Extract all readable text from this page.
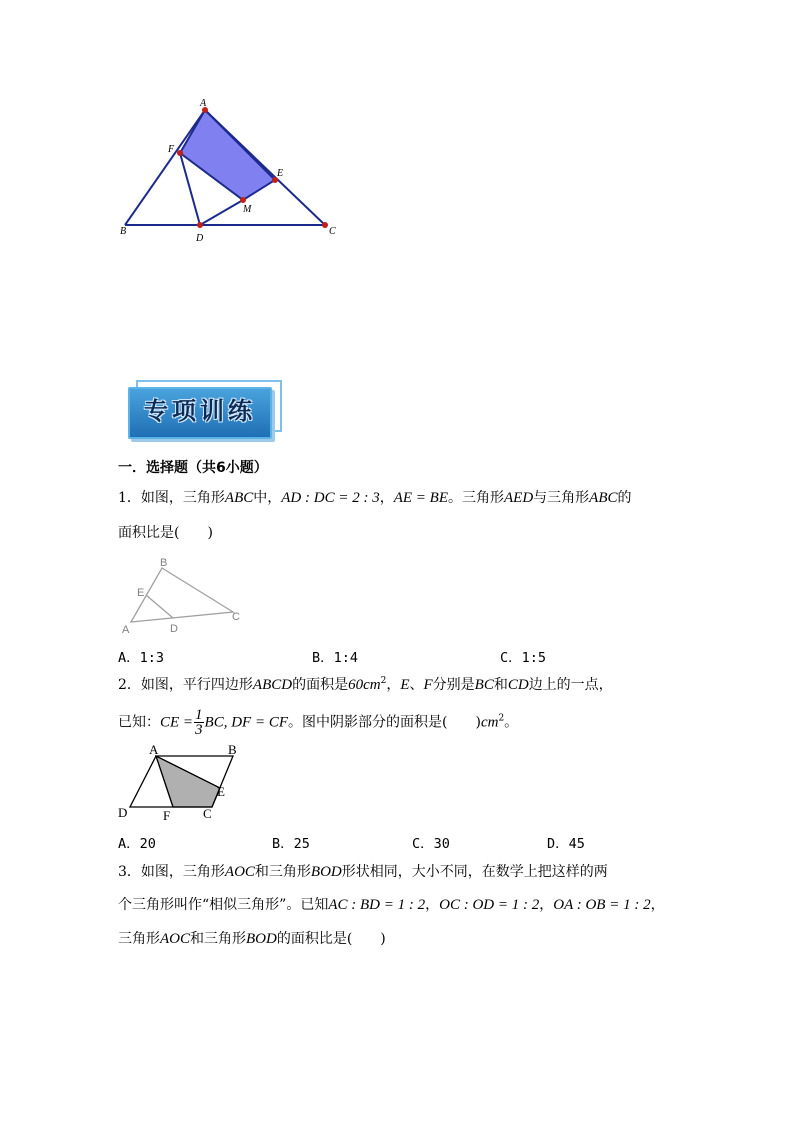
A
F
E
M
B
D
C
专项训练
一．选择题（共6小题）
1．如图，三角形ABC中，AD : DC = 2 : 3，AE = BE。三角形AED与三角形ABC的
面积比是(　　)
B
E
A	D
C
A．1:3	B．1:4	C．1:5
2．如图，平行四边形ABCD的面积是$60cm^2$，E、F分别是BC和CD边上的一点，
已知：CE = $\frac{1}{3}$ BC, DF = CF。图中阴影部分的面积是(　　)$cm^2$。
A	B
D	F	C
E
A．20	B．25	C．30	D．45
3．如图，三角形AOC和三角形BOD形状相同，大小不同，在数学上把这样的两
个三角形叫作“相似三角形”。已知AC : BD = 1 : 2，OC : OD = 1 : 2，OA : OB = 1 : 2，
三角形AOC和三角形BOD的面积比是(　　)
